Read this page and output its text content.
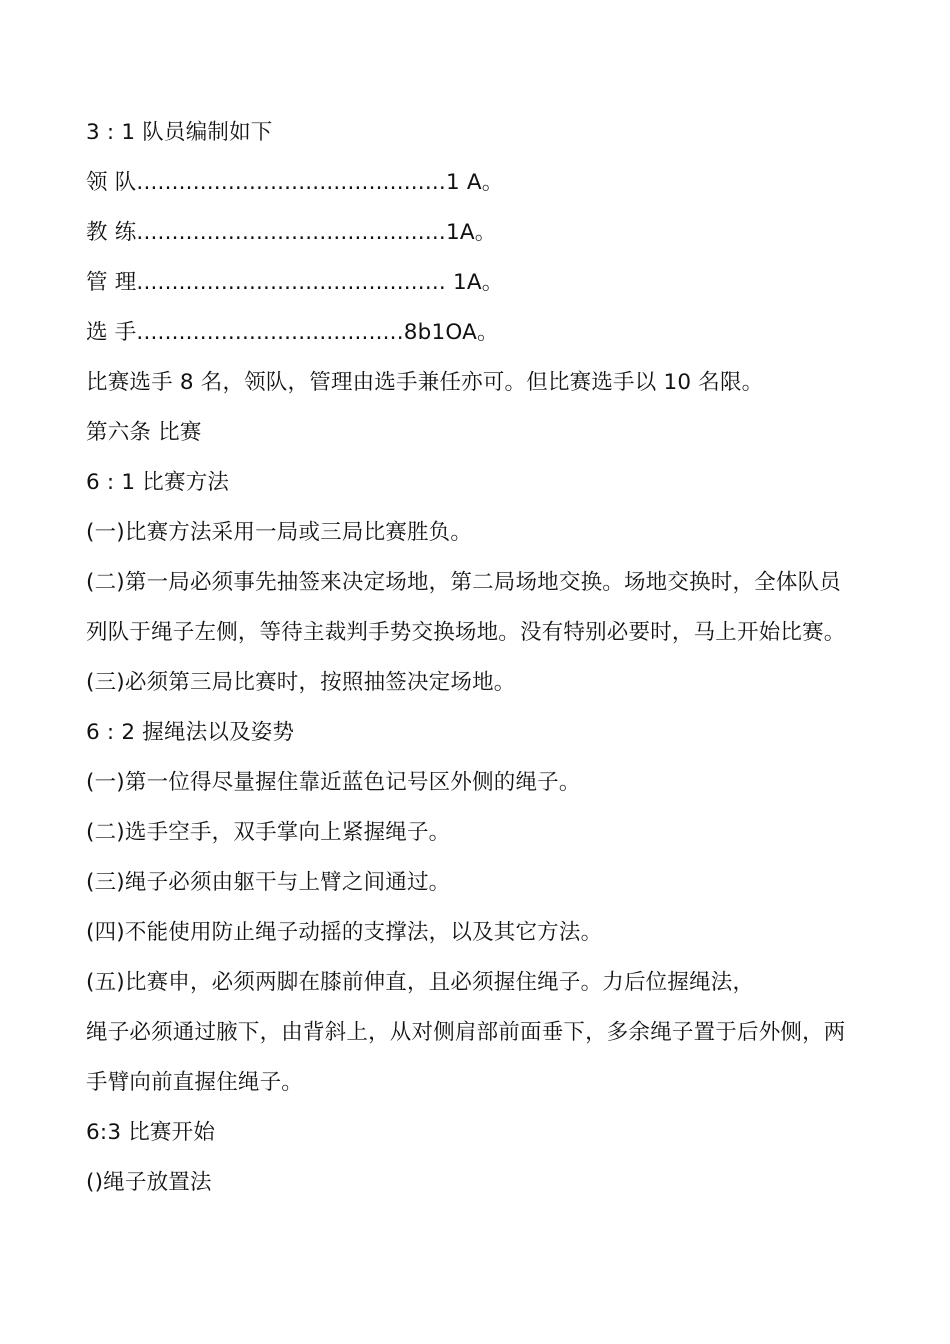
3 : 1 队员编制如下

领 队............................................1 A。

教 练............................................1A。

管 理............................................ 1A。

选 手......................................8b1OA。

比赛选手 8 名，领队，管理由选手兼任亦可。但比赛选手以 10 名限。

第六条 比赛

6 : 1 比赛方法

(一)比赛方法采用一局或三局比赛胜负。

(二)第一局必须事先抽签来决定场地，第二局场地交换。场地交换时，全体队员

列队于绳子左侧，等待主裁判手势交换场地。没有特别必要时，马上开始比赛。

(三)必须第三局比赛时，按照抽签决定场地。

6 : 2 握绳法以及姿势

(一)第一位得尽量握住靠近蓝色记号区外侧的绳子。

(二)选手空手，双手掌向上紧握绳子。

(三)绳子必须由躯干与上臂之间通过。

(四)不能使用防止绳子动摇的支撑法，以及其它方法。

(五)比赛申，必须两脚在膝前伸直，且必须握住绳子。力后位握绳法，

绳子必须通过腋下，由背斜上，从对侧肩部前面垂下，多余绳子置于后外侧，两

手臂向前直握住绳子。

6:3 比赛开始

()绳子放置法
